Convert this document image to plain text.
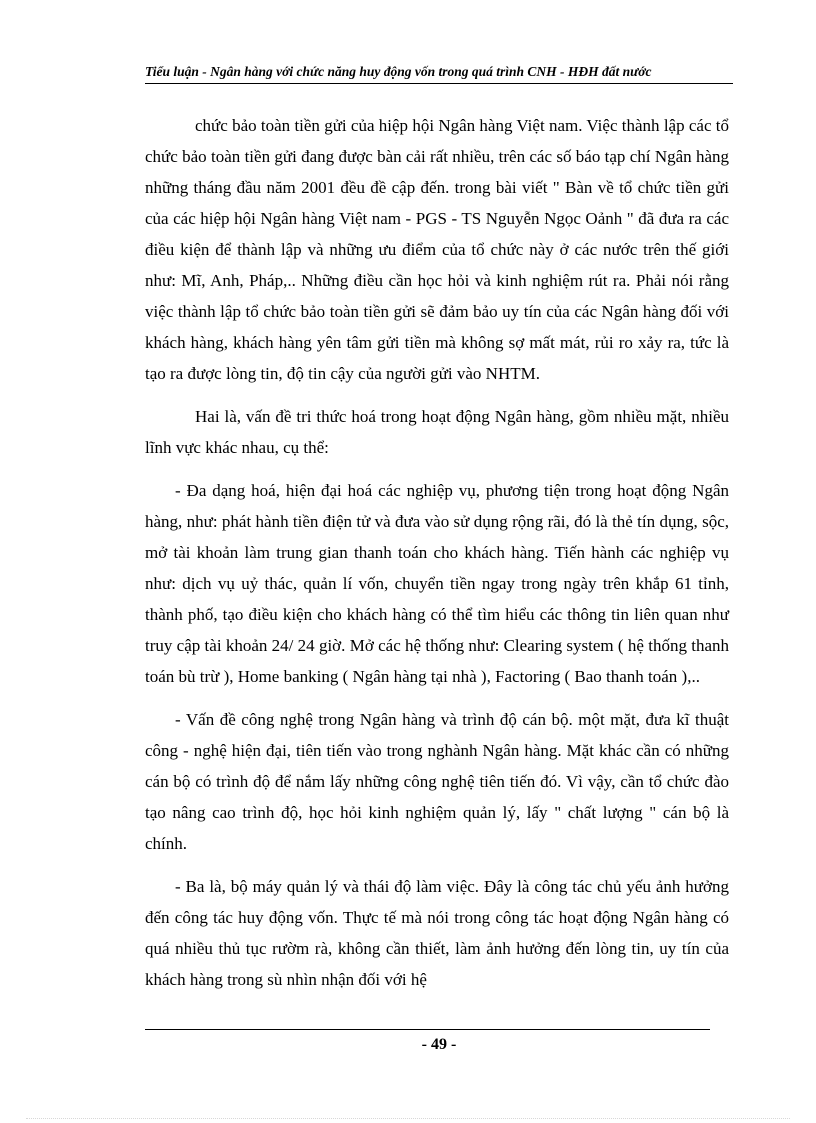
Tiểu luận - Ngân hàng với chức năng huy động vốn trong quá trình CNH - HĐH đất nước

chức bảo toàn tiền gửi của hiệp hội Ngân hàng Việt nam. Việc thành lập các tổ chức bảo toàn tiền gửi đang được bàn cải rất nhiều, trên các số báo tạp chí Ngân hàng những tháng đầu năm 2001 đều đề cập đến. trong bài viết " Bàn về tổ chức tiền gửi của các hiệp hội Ngân hàng Việt nam - PGS - TS Nguyễn Ngọc Oảnh " đã đưa ra các điều kiện để thành lập và những ưu điểm của tổ chức này ở các nước trên thế giới như: Mĩ, Anh, Pháp,.. Những điều cần học hỏi và kinh nghiệm rút ra. Phải nói rằng việc thành lập tổ chức bảo toàn tiền gửi sẽ đảm bảo uy tín của các Ngân hàng đối với khách hàng, khách hàng yên tâm gửi tiền mà không sợ mất mát, rủi ro xảy ra, tức là tạo ra được lòng tin, độ tin cậy của người gửi vào NHTM.

Hai là, vấn đề tri thức hoá trong hoạt động Ngân hàng, gồm nhiều mặt, nhiều lĩnh vực khác nhau, cụ thể:

- Đa dạng hoá, hiện đại hoá các nghiệp vụ, phương tiện trong hoạt động Ngân hàng, như: phát hành tiền điện tử và đưa vào sử dụng rộng rãi, đó là thẻ tín dụng, sộc, mở tài khoản làm trung gian thanh toán cho khách hàng. Tiến hành các nghiệp vụ như: dịch vụ uỷ thác, quản lí vốn, chuyển tiền ngay trong ngày trên khắp 61 tỉnh, thành phố, tạo điều kiện cho khách hàng có thể tìm hiểu các thông tin liên quan như truy cập tài khoản 24/ 24 giờ. Mở các hệ thống như: Clearing system ( hệ thống thanh toán bù trừ ), Home banking ( Ngân hàng tại nhà ), Factoring ( Bao thanh toán ),..

- Vấn đề công nghệ trong Ngân hàng và trình độ cán bộ. một mặt, đưa kĩ thuật công - nghệ hiện đại, tiên tiến vào trong nghành Ngân hàng. Mặt khác cần có những cán bộ có trình độ để nắm lấy những công nghệ tiên tiến đó. Vì vậy, cần tổ chức đào tạo nâng cao trình độ, học hỏi kinh nghiệm quản lý, lấy " chất lượng " cán bộ là chính.

- Ba là, bộ máy quản lý và thái độ làm việc. Đây là công tác chủ yếu ảnh hưởng đến công tác huy động vốn. Thực tế mà nói trong công tác hoạt động Ngân hàng có quá nhiều thủ tục rườm rà, không cần thiết, làm ảnh hưởng đến lòng tin, uy tín của khách hàng trong sù nhìn nhận đối với hệ

- 49 -
